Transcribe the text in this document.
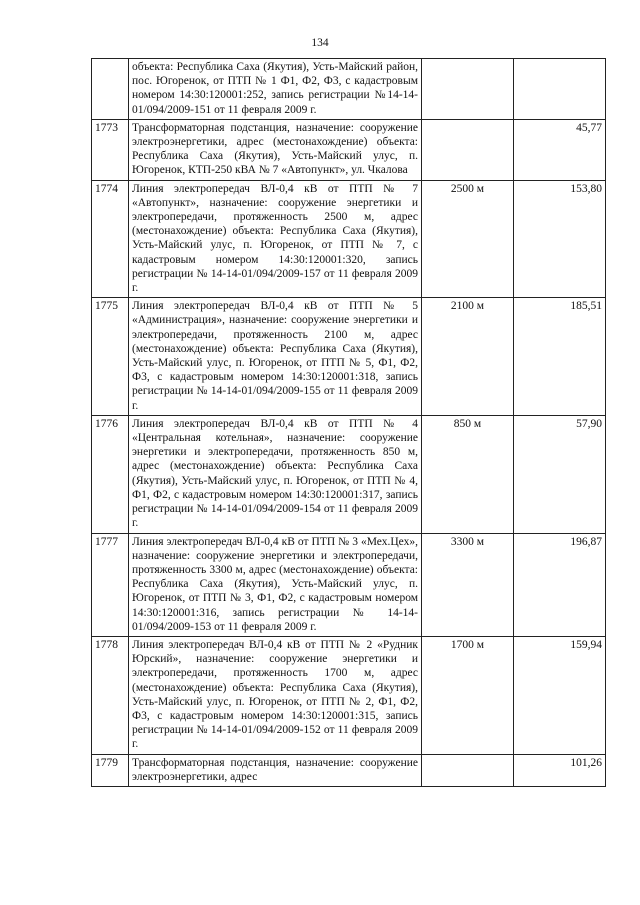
134
	объекта: Республика Саха (Якутия), Усть-Майский район, пос. Югоренок, от ПТП № 1 Ф1, Ф2, Ф3, с кадастровым номером 14:30:120001:252, запись регистрации №14-14-01/094/2009-151 от 11 февраля 2009 г.		
1773	Трансформаторная подстанция, назначение: сооружение электроэнергетики, адрес (местонахождение) объекта: Республика Саха (Якутия), Усть-Майский улус, п. Югоренок, КТП-250 кВА № 7 «Автопункт», ул. Чкалова		45,77
1774	Линия электропередач ВЛ-0,4 кВ от ПТП № 7 «Автопункт», назначение: сооружение энергетики и электропередачи, протяженность 2500 м, адрес (местонахождение) объекта: Республика Саха (Якутия), Усть-Майский улус, п. Югоренок, от ПТП № 7, с кадастровым номером 14:30:120001:320, запись регистрации № 14-14-01/094/2009-157 от 11 февраля 2009 г.	2500 м	153,80
1775	Линия электропередач ВЛ-0,4 кВ от ПТП № 5 «Администрация», назначение: сооружение энергетики и электропередачи, протяженность 2100 м, адрес (местонахождение) объекта: Республика Саха (Якутия), Усть-Майский улус, п. Югоренок, от ПТП № 5, Ф1, Ф2, Ф3, с кадастровым номером 14:30:120001:318, запись регистрации № 14-14-01/094/2009-155 от 11 февраля 2009 г.	2100 м	185,51
1776	Линия электропередач ВЛ-0,4 кВ от ПТП № 4 «Центральная котельная», назначение: сооружение энергетики и электропередачи, протяженность 850 м, адрес (местонахождение) объекта: Республика Саха (Якутия), Усть-Майский улус, п. Югоренок, от ПТП № 4, Ф1, Ф2, с кадастровым номером 14:30:120001:317, запись регистрации № 14-14-01/094/2009-154 от 11 февраля 2009 г.	850 м	57,90
1777	Линия электропередач ВЛ-0,4 кВ от ПТП № 3 «Мех.Цех», назначение: сооружение энергетики и электропередачи, протяженность 3300 м, адрес (местонахождение) объекта: Республика Саха (Якутия), Усть-Майский улус, п. Югоренок, от ПТП № 3, Ф1, Ф2, с кадастровым номером 14:30:120001:316, запись регистрации № 14-14-01/094/2009-153 от 11 февраля 2009 г.	3300 м	196,87
1778	Линия электропередач ВЛ-0,4 кВ от ПТП № 2 «Рудник Юрский», назначение: сооружение энергетики и электропередачи, протяженность 1700 м, адрес (местонахождение) объекта: Республика Саха (Якутия), Усть-Майский улус, п. Югоренок, от ПТП № 2, Ф1, Ф2, Ф3, с кадастровым номером 14:30:120001:315, запись регистрации № 14-14-01/094/2009-152 от 11 февраля 2009 г.	1700 м	159,94
1779	Трансформаторная подстанция, назначение: сооружение электроэнергетики, адрес		101,26
